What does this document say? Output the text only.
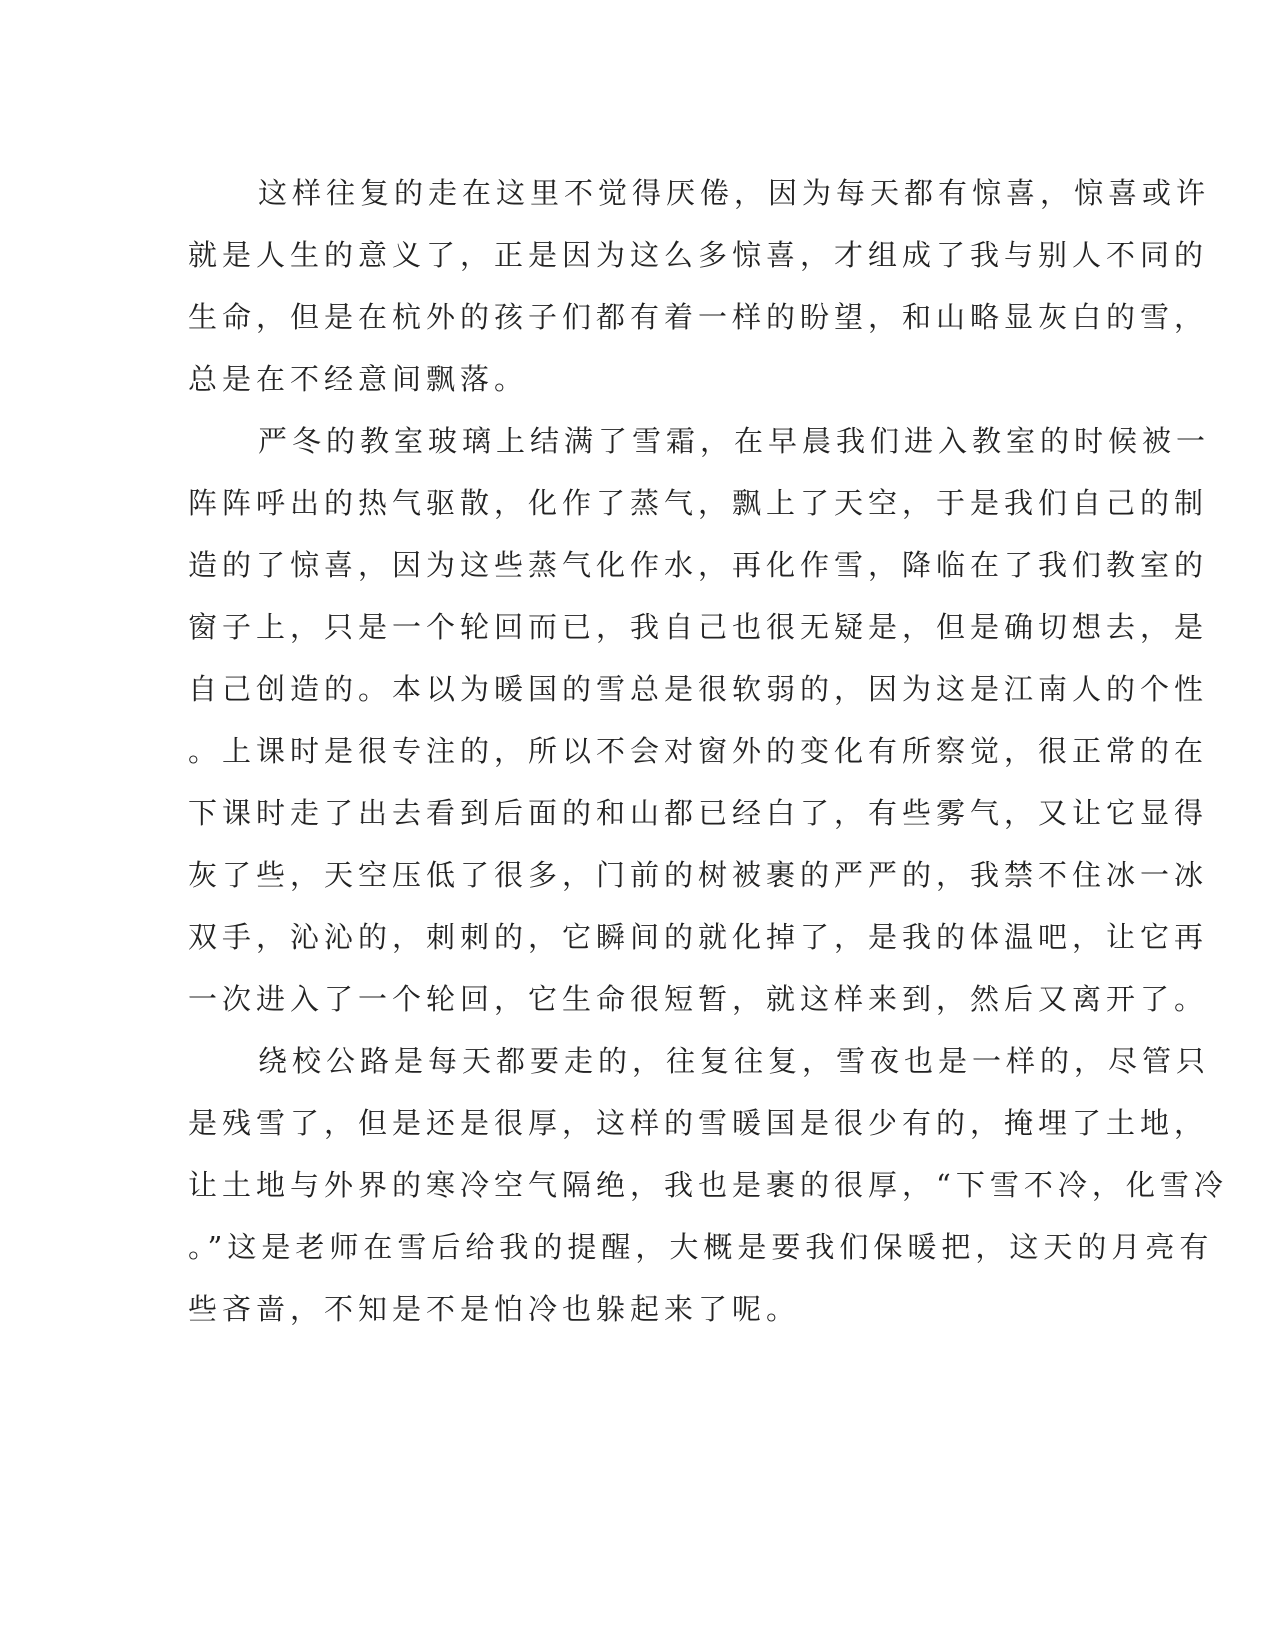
这样往复的走在这里不觉得厌倦，因为每天都有惊喜，惊喜或许
就是人生的意义了，正是因为这么多惊喜，才组成了我与别人不同的
生命，但是在杭外的孩子们都有着一样的盼望，和山略显灰白的雪，
总是在不经意间飘落。
严冬的教室玻璃上结满了雪霜，在早晨我们进入教室的时候被一
阵阵呼出的热气驱散，化作了蒸气，飘上了天空，于是我们自己的制
造的了惊喜，因为这些蒸气化作水，再化作雪，降临在了我们教室的
窗子上，只是一个轮回而已，我自己也很无疑是，但是确切想去，是
自己创造的。本以为暖国的雪总是很软弱的，因为这是江南人的个性
。上课时是很专注的，所以不会对窗外的变化有所察觉，很正常的在
下课时走了出去看到后面的和山都已经白了，有些雾气，又让它显得
灰了些，天空压低了很多，门前的树被裹的严严的，我禁不住冰一冰
双手，沁沁的，刺刺的，它瞬间的就化掉了，是我的体温吧，让它再
一次进入了一个轮回，它生命很短暂，就这样来到，然后又离开了。
绕校公路是每天都要走的，往复往复，雪夜也是一样的，尽管只
是残雪了，但是还是很厚，这样的雪暖国是很少有的，掩埋了土地，
让土地与外界的寒冷空气隔绝，我也是裹的很厚，“下雪不冷，化雪冷
。”这是老师在雪后给我的提醒，大概是要我们保暖把，这天的月亮有
些吝啬，不知是不是怕冷也躲起来了呢。
